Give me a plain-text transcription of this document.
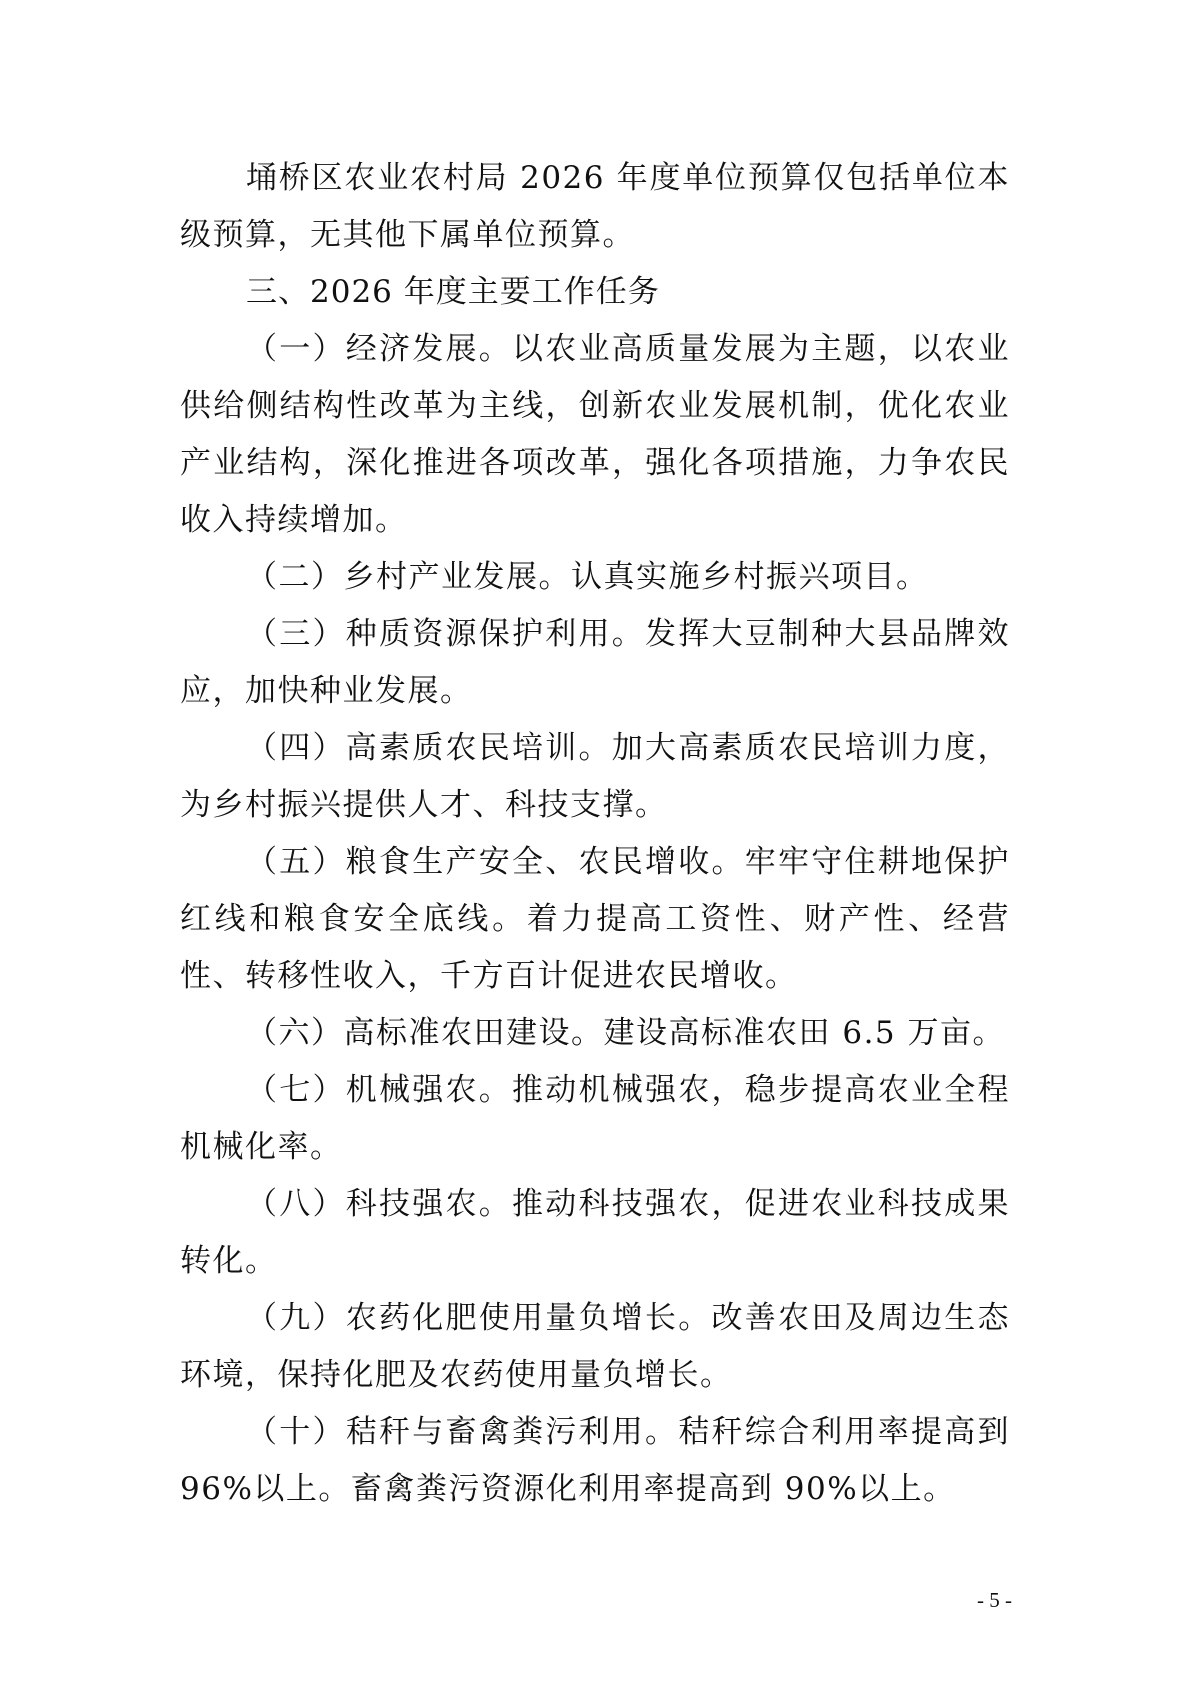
埇桥区农业农村局 2026 年度单位预算仅包括单位本级预算，无其他下属单位预算。

三、2026 年度主要工作任务

（一）经济发展。以农业高质量发展为主题，以农业供给侧结构性改革为主线，创新农业发展机制，优化农业产业结构，深化推进各项改革，强化各项措施，力争农民收入持续增加。

（二）乡村产业发展。认真实施乡村振兴项目。

（三）种质资源保护利用。发挥大豆制种大县品牌效应，加快种业发展。

（四）高素质农民培训。加大高素质农民培训力度，为乡村振兴提供人才、科技支撑。

（五）粮食生产安全、农民增收。牢牢守住耕地保护红线和粮食安全底线。着力提高工资性、财产性、经营性、转移性收入，千方百计促进农民增收。

（六）高标准农田建设。建设高标准农田 6.5 万亩。

（七）机械强农。推动机械强农，稳步提高农业全程机械化率。

（八）科技强农。推动科技强农，促进农业科技成果转化。

（九）农药化肥使用量负增长。改善农田及周边生态环境，保持化肥及农药使用量负增长。

（十）秸秆与畜禽粪污利用。秸秆综合利用率提高到 96%以上。畜禽粪污资源化利用率提高到 90%以上。

- 5 -
